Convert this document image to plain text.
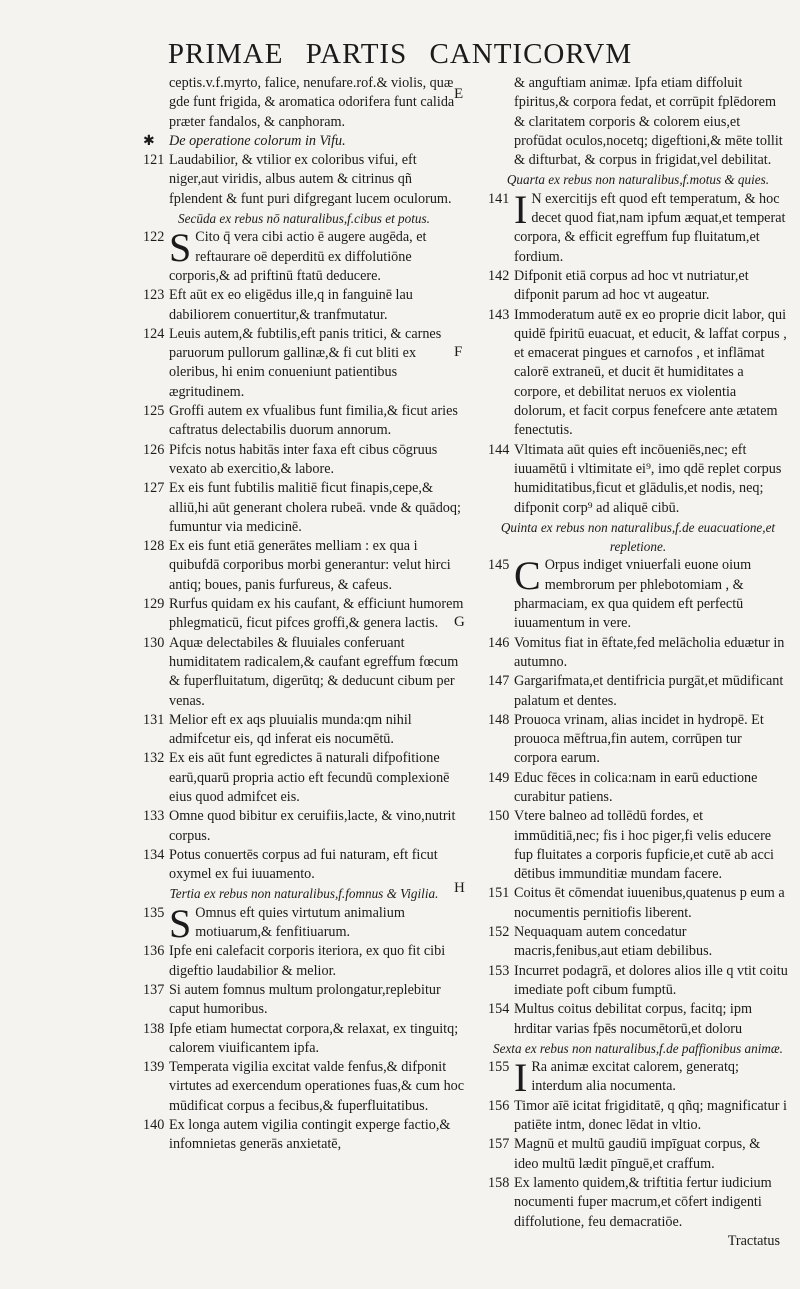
PRIMAE PARTIS CANTICORVM
E
F
G
H
ceptis.v.f.myrto, falice, nenufare.rof.& violis, quæ gde funt frigida, & aromatica odorifera funt calida præter fandalos, & canphoram.
✱ De operatione colorum in Vifu.
121 Laudabilior, & vtilior ex coloribus vifui, eft niger,aut viridis, albus autem & citrinus qñ fplendent & funt puri difgregant lucem oculorum.
Secūda ex rebus nō naturalibus,f.cibus et potus.
122 S Cito q̄ vera cibi actio ē augere augēda, et reftaurare oē deperditū ex diffolutiōne corporis,& ad priftinū ftatū deducere.
123 Eft aūt ex eo eligēdus ille,q in fanguinē lau dabiliorem conuertitur,& tranfmutatur.
124 Leuis autem,& fubtilis,eft panis tritici, & carnes paruorum pullorum gallinæ,& fi cut bliti ex oleribus, hi enim conueniunt patientibus ægritudinem.
125 Groffi autem ex vfualibus funt fimilia,& ficut aries caftratus delectabilis duorum annorum.
126 Pifcis notus habitās inter faxa eft cibus cōgruus vexato ab exercitio,& labore.
127 Ex eis funt fubtilis malitiē ficut finapis,cepe,& alliū,hi aūt generant cholera rubeā. vnde & quādoq; fumuntur via medicinē.
128 Ex eis funt etiā generātes melliam : ex qua i quibufdā corporibus morbi generantur: velut hirci antiq; boues, panis furfureus, & cafeus.
129 Rurfus quidam ex his caufant, & efficiunt humorem phlegmaticū, ficut pifces groffi,& genera lactis.
130 Aquæ delectabiles & fluuiales conferuant humiditatem radicalem,& caufant egreffum fœcum & fuperfluitatum, digerūtq; & deducunt cibum per venas.
131 Melior eft ex aqs pluuialis munda:qm nihil admifcetur eis, qd inferat eis nocumētū.
132 Ex eis aūt funt egredictes ā naturali difpofitione earū,quarū propria actio eft fecundū complexionē eius quod admifcet eis.
133 Omne quod bibitur ex ceruifiis,lacte, & vino,nutrit corpus.
134 Potus conuertēs corpus ad fui naturam, eft ficut oxymel ex fui iuuamento.
Tertia ex rebus non naturalibus,f.fomnus & Vigilia.
135 S Omnus eft quies virtutum animalium motiuarum,& fenfitiuarum.
136 Ipfe eni calefacit corporis iteriora, ex quo fit cibi digeftio laudabilior & melior.
137 Si autem fomnus multum prolongatur,replebitur caput humoribus.
138 Ipfe etiam humectat corpora,& relaxat, ex tinguitq; calorem viuificantem ipfa.
139 Temperata vigilia excitat valde fenfus,& difponit virtutes ad exercendum operationes fuas,& cum hoc mūdificat corpus a fecibus,& fuperfluitatibus.
140 Ex longa autem vigilia contingit experge factio,& infomnietas generās anxietatē,
& anguftiam animæ. Ipfa etiam diffoluit fpiritus,& corpora fedat, et corrūpit fplēdorem & claritatem corporis & colorem eius,et profūdat oculos,nocetq; digeftioni,& mēte tollit & difturbat, & corpus in frigidat,vel debilitat.
Quarta ex rebus non naturalibus,f.motus & quies.
141 I N exercitijs eft quod eft temperatum, & hoc decet quod fiat,nam ipfum æquat,et temperat corpora, & efficit egreffum fup fluitatum,et fordium.
142 Difponit etiā corpus ad hoc vt nutriatur,et difponit parum ad hoc vt augeatur.
143 Immoderatum autē ex eo proprie dicit labor, qui quidē fpiritū euacuat, et educit, & laffat corpus , et emacerat pingues et carnofos , et inflāmat calorē extraneū, et ducit ēt humiditates a corpore, et debilitat neruos ex violentia dolorum, et facit corpus fenefcere ante ætatem fenectutis.
144 Vltimata aūt quies eft incōueniēs,nec; eft iuuamētū i vltimitate ei⁹, imo qdē replet corpus humiditatibus,ficut et glādulis,et nodis, neq; difponit corp⁹ ad aliquē cibū.
Quinta ex rebus non naturalibus,f.de euacuatione,et repletione.
145 C Orpus indiget vniuerfali euone oium membrorum per phlebotomiam , & pharmaciam, ex qua quidem eft perfectū iuuamentum in vere.
146 Vomitus fiat in ēftate,fed melācholia eduætur in autumno.
147 Gargarifmata,et dentifricia purgāt,et mūdificant palatum et dentes.
148 Prouoca vrinam, alias incidet in hydropē. Et prouoca mēftrua,fin autem, corrūpen tur corpora earum.
149 Educ fēces in colica:nam in earū eductione curabitur patiens.
150 Vtere balneo ad tollēdū fordes, et immūditiā,nec; fis i hoc piger,fi velis educere fup fluitates a corporis fupficie,et cutē ab acci dētibus immunditiæ mundam facere.
151 Coitus ēt cōmendat iuuenibus,quatenus p eum a nocumentis pernitiofis liberent.
152 Nequaquam autem concedatur macris,fenibus,aut etiam debilibus.
153 Incurret podagrā, et dolores alios ille q vtit coitu imediate poft cibum fumptū.
154 Multus coitus debilitat corpus, facitq; ipm hrditar varias fpēs nocumētorū,et doloru
Sexta ex rebus non naturalibus,f.de paffionibus animæ.
155 I Ra animæ excitat calorem, generatq; interdum alia nocumenta.
156 Timor aīē icitat frigiditatē, q qñq; magnificatur i patiēte intm, donec lēdat in vltio.
157 Magnū et multū gaudiū impīguat corpus, & ideo multū lædit pīnguē,et craffum.
158 Ex lamento quidem,& triftitia fertur iudicium nocumenti fuper macrum,et cōfert indigenti diffolutione, feu demacratiōe.
Tractatus
